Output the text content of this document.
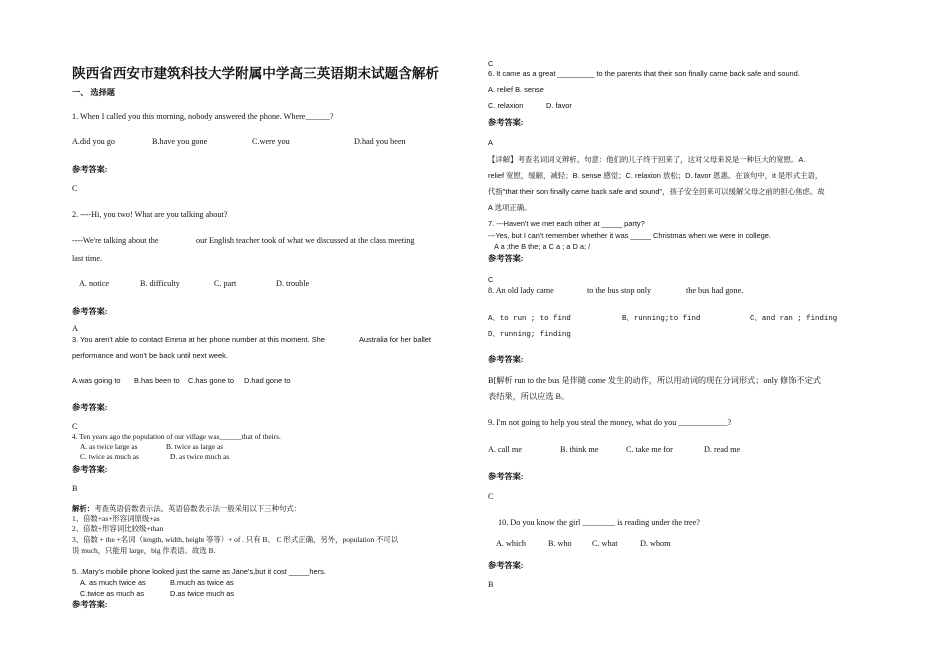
陕西省西安市建筑科技大学附属中学高三英语期末试题含解析
一、 选择题
1. When I called you this morning, nobody answered the phone. Where______?
A.did you go	B.have you gone	C.were you	D.had you been
参考答案:
C
2. ----Hi, you two! What are you talking about?
----We're talking about the	our English teacher took of what we discussed at the class meeting
last time.
A. notice	B. difficulty	C. part	D. trouble
参考答案:
A
3. You aren't able to contact Emma at her phone number at this moment. She	Australia for her ballet
performance and won't be back until next week.
A.was going to B.has been to C.has gone to D.had gone to
参考答案:
C
4. Ten years ago the population of our village was______that of theirs.
A. as twice large as	B. twice as large as
C. twice as much as	D. as twice much as
参考答案:
B
解析：考查英语倍数表示法。英语倍数表示法一般采用以下三种句式：
1、倍数+as+形容词原级+as
2、倍数+形容词比较级+than
3、倍数 + the +名词（length, width, height 等等）+ of . 只有 B、 C 形式正确，另外，population 不可以
说 much，只能用 large，big 作表语。故选 B.
5. .Mary's mobile phone looked just the same as Jane's,but it cost _____hers.
A. as much twice as	B.much as twice as
C.twice as much as	D.as twice much as
参考答案:
C
6. It came as a great _________ to the parents that their son finally came back safe and sound.
A. relief B. sense
C. relaxion	D. favor
参考答案:
A
【详解】考查名词词义辨析。句意：他们的儿子终于回来了，这对父母来说是一种巨大的宽慰。A.
relief 宽慰，缓解，减轻；B. sense 感觉；C. relaxion 放松；D. favor 恩惠。在该句中，it 是形式主语，
代指"that their son finally came back safe and sound"，孩子安全回来可以缓解父母之前的担心焦虑。故
A 选项正确。
7. ---Haven't we met each other at _____ party?
---Yes, but I can't remember whether it was _____ Christmas when we were in college.
A a ;the B the; a C a ; a D a; /
参考答案:
C
8. An old lady came	to the bus stop only	the bus had gone.
A、to run ; to find	B、running;to find	C、and ran ; finding
D、running; finding
参考答案:
B[解析 run to the bus 是伴随 come 发生的动作，所以用动词的现在分词形式；only 修饰不定式
表结果，所以应选 B。
9. I'm not going to help you steal the money, what do you ____________?
A. call me	B. think me	C. take me for	D. read me
参考答案:
C
10. Do you know the girl ________ is reading under the tree?
A. which	B. who C. what	D. whom
参考答案:
B
